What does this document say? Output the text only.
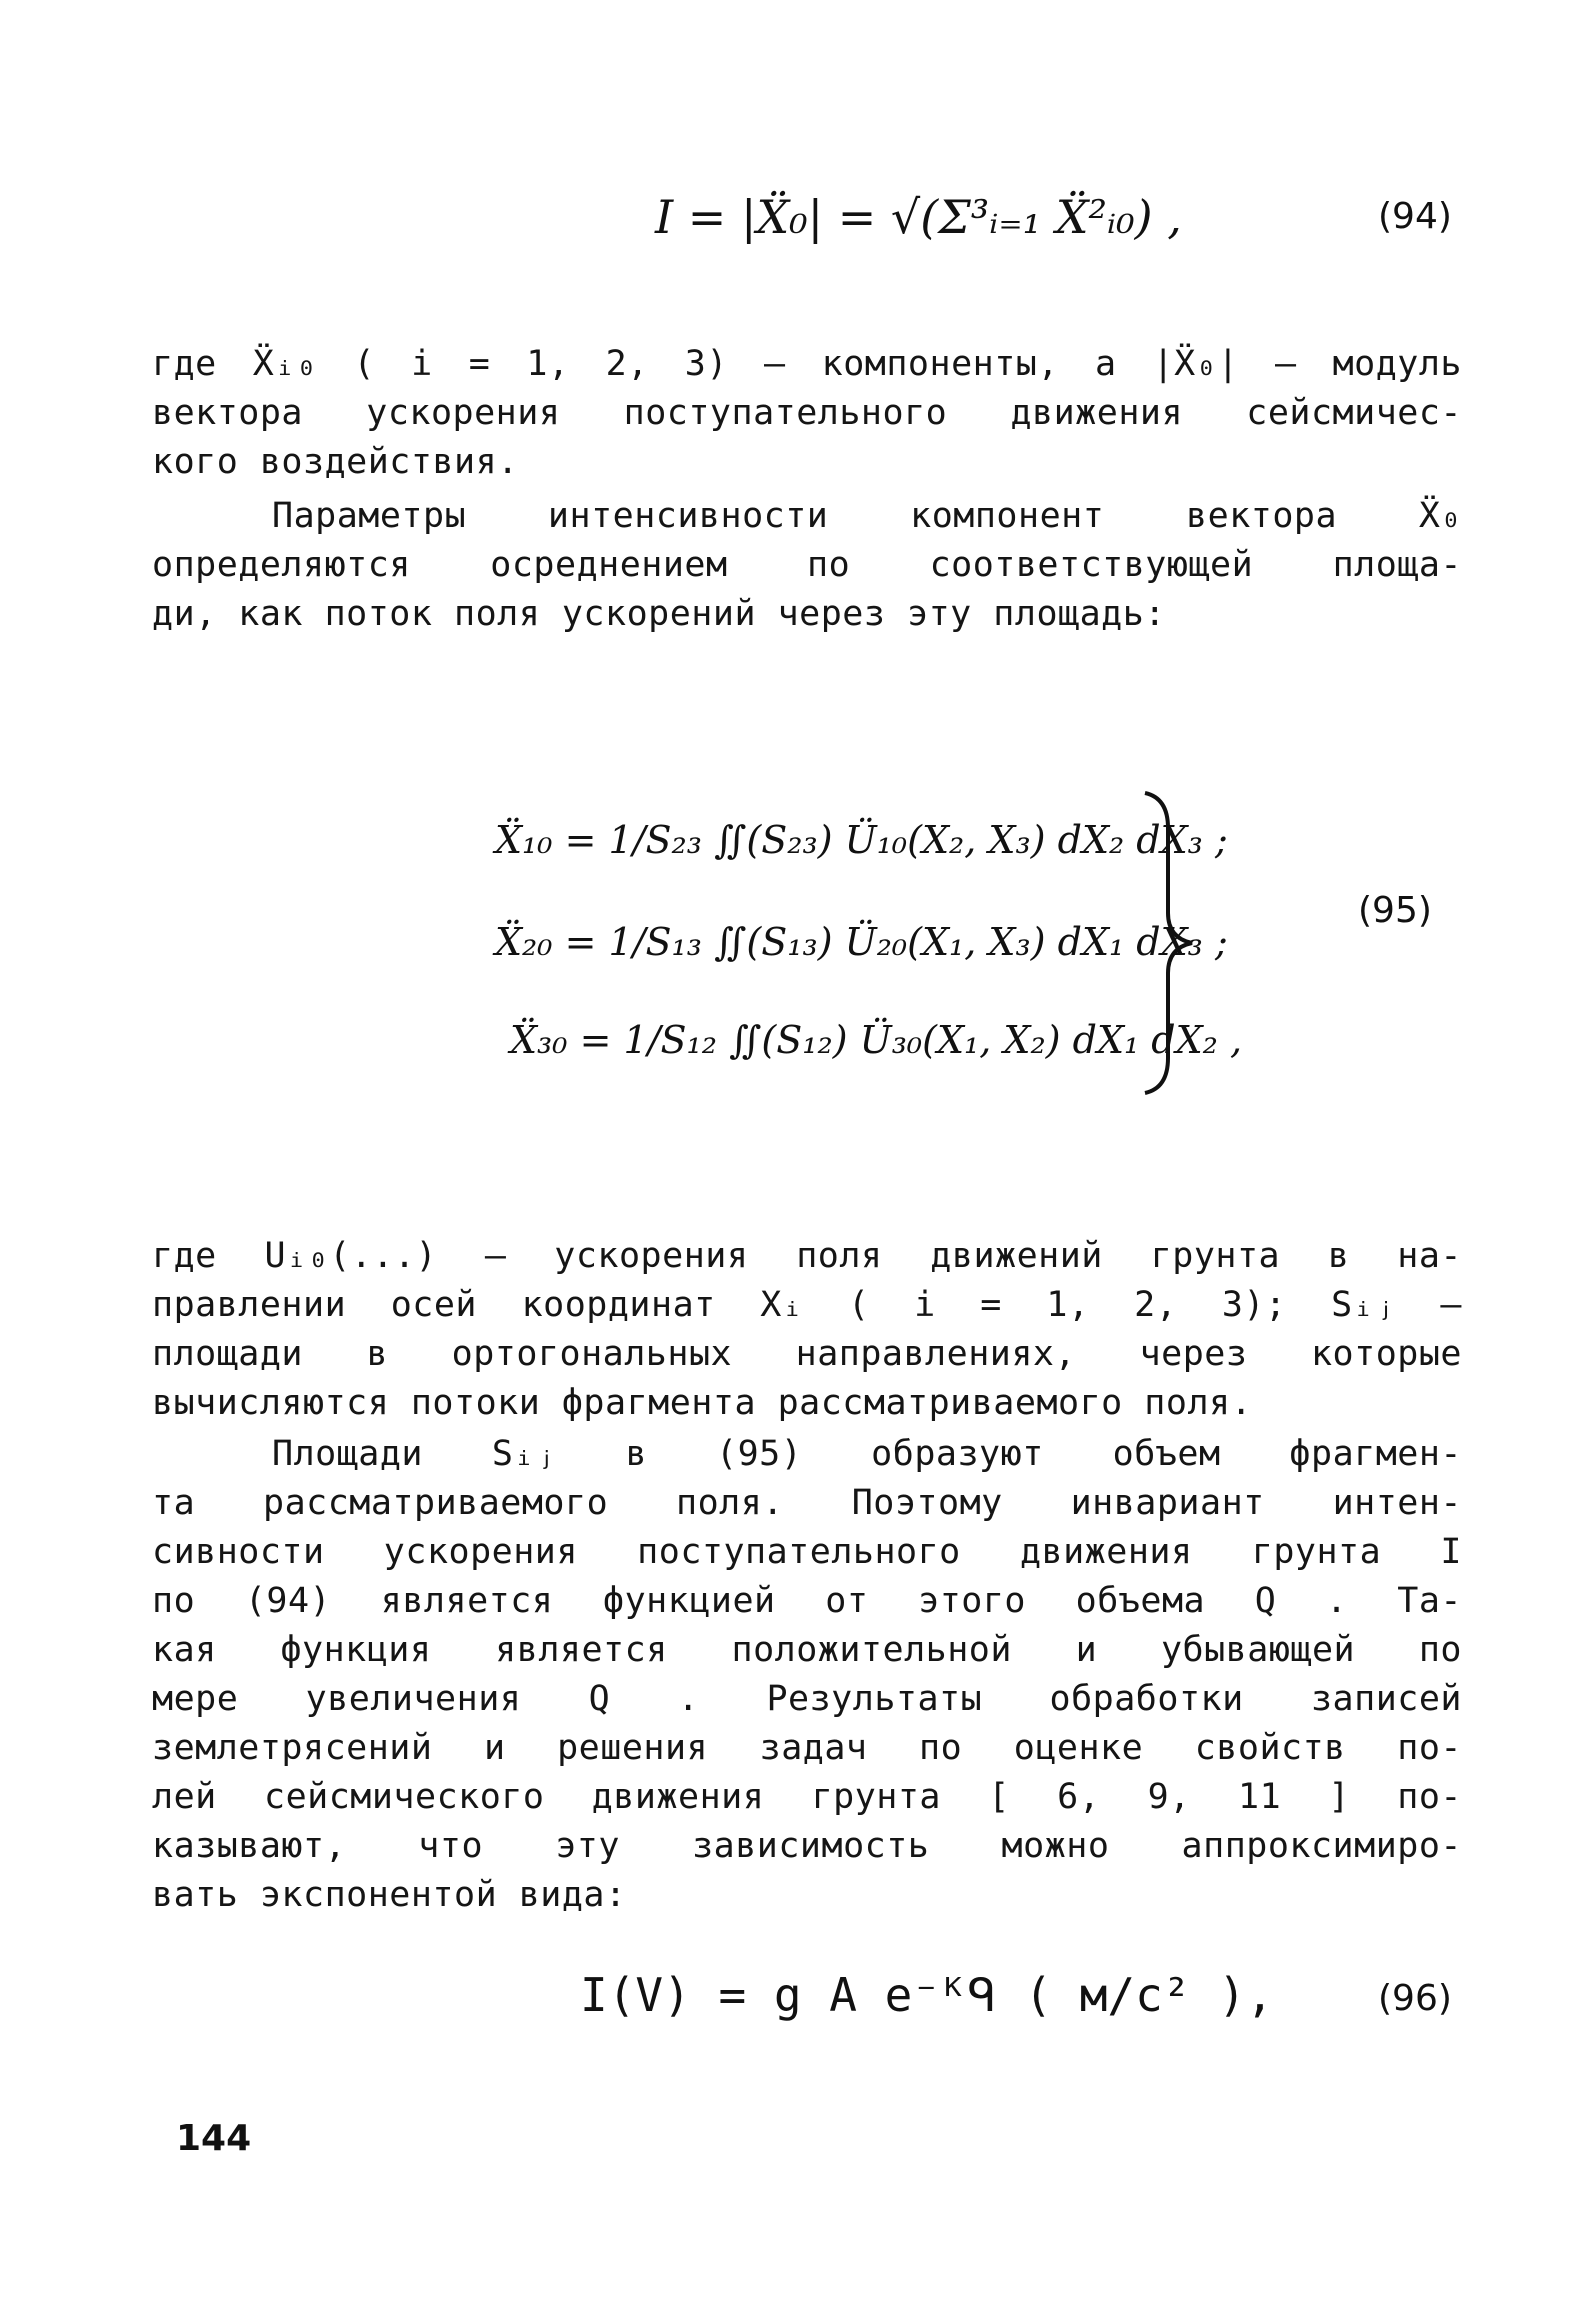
I = |Ẍ₀| = √(Σ³ᵢ₌₁ Ẍ²ᵢ₀) ,	(94)
где Ẍᵢ₀ ( i = 1, 2, 3) – компоненты, а |Ẍ₀| – модуль
вектора ускорения поступательного движения сейсмичес-
кого воздействия.
Параметры интенсивности компонент вектора Ẍ₀
определяются осреднением по соответствующей площа-
ди, как поток поля ускорений через эту площадь:
Ẍ₁₀ = 1/S₂₃ ∬(S₂₃) Ü₁₀(X₂, X₃) dX₂ dX₃ ;
Ẍ₂₀ = 1/S₁₃ ∬(S₁₃) Ü₂₀(X₁, X₃) dX₁ dX₃ ;
Ẍ₃₀ = 1/S₁₂ ∬(S₁₂) Ü₃₀(X₁, X₂) dX₁ dX₂ ,
(95)
где Uᵢ₀(...) – ускорения поля движений грунта в на-
правлении осей координат Xᵢ ( i = 1, 2, 3); Sᵢⱼ –
площади в ортогональных направлениях, через которые
вычисляются потоки фрагмента рассматриваемого поля.
Площади Sᵢⱼ в (95) образуют объем фрагмен-
та рассматриваемого поля. Поэтому инвариант интен-
сивности ускорения поступательного движения грунта I
по (94) является функцией от этого объема Q . Та-
кая функция является положительной и убывающей по
мере увеличения Q . Результаты обработки записей
землетрясений и решения задач по оценке свойств по-
лей сейсмического движения грунта [ 6, 9, 11 ] по-
казывают, что эту зависимость можно аппроксимиро-
вать экспонентой вида:
I(V) = g A e⁻ᴷᑫ ( м/с² ),	(96)
144
